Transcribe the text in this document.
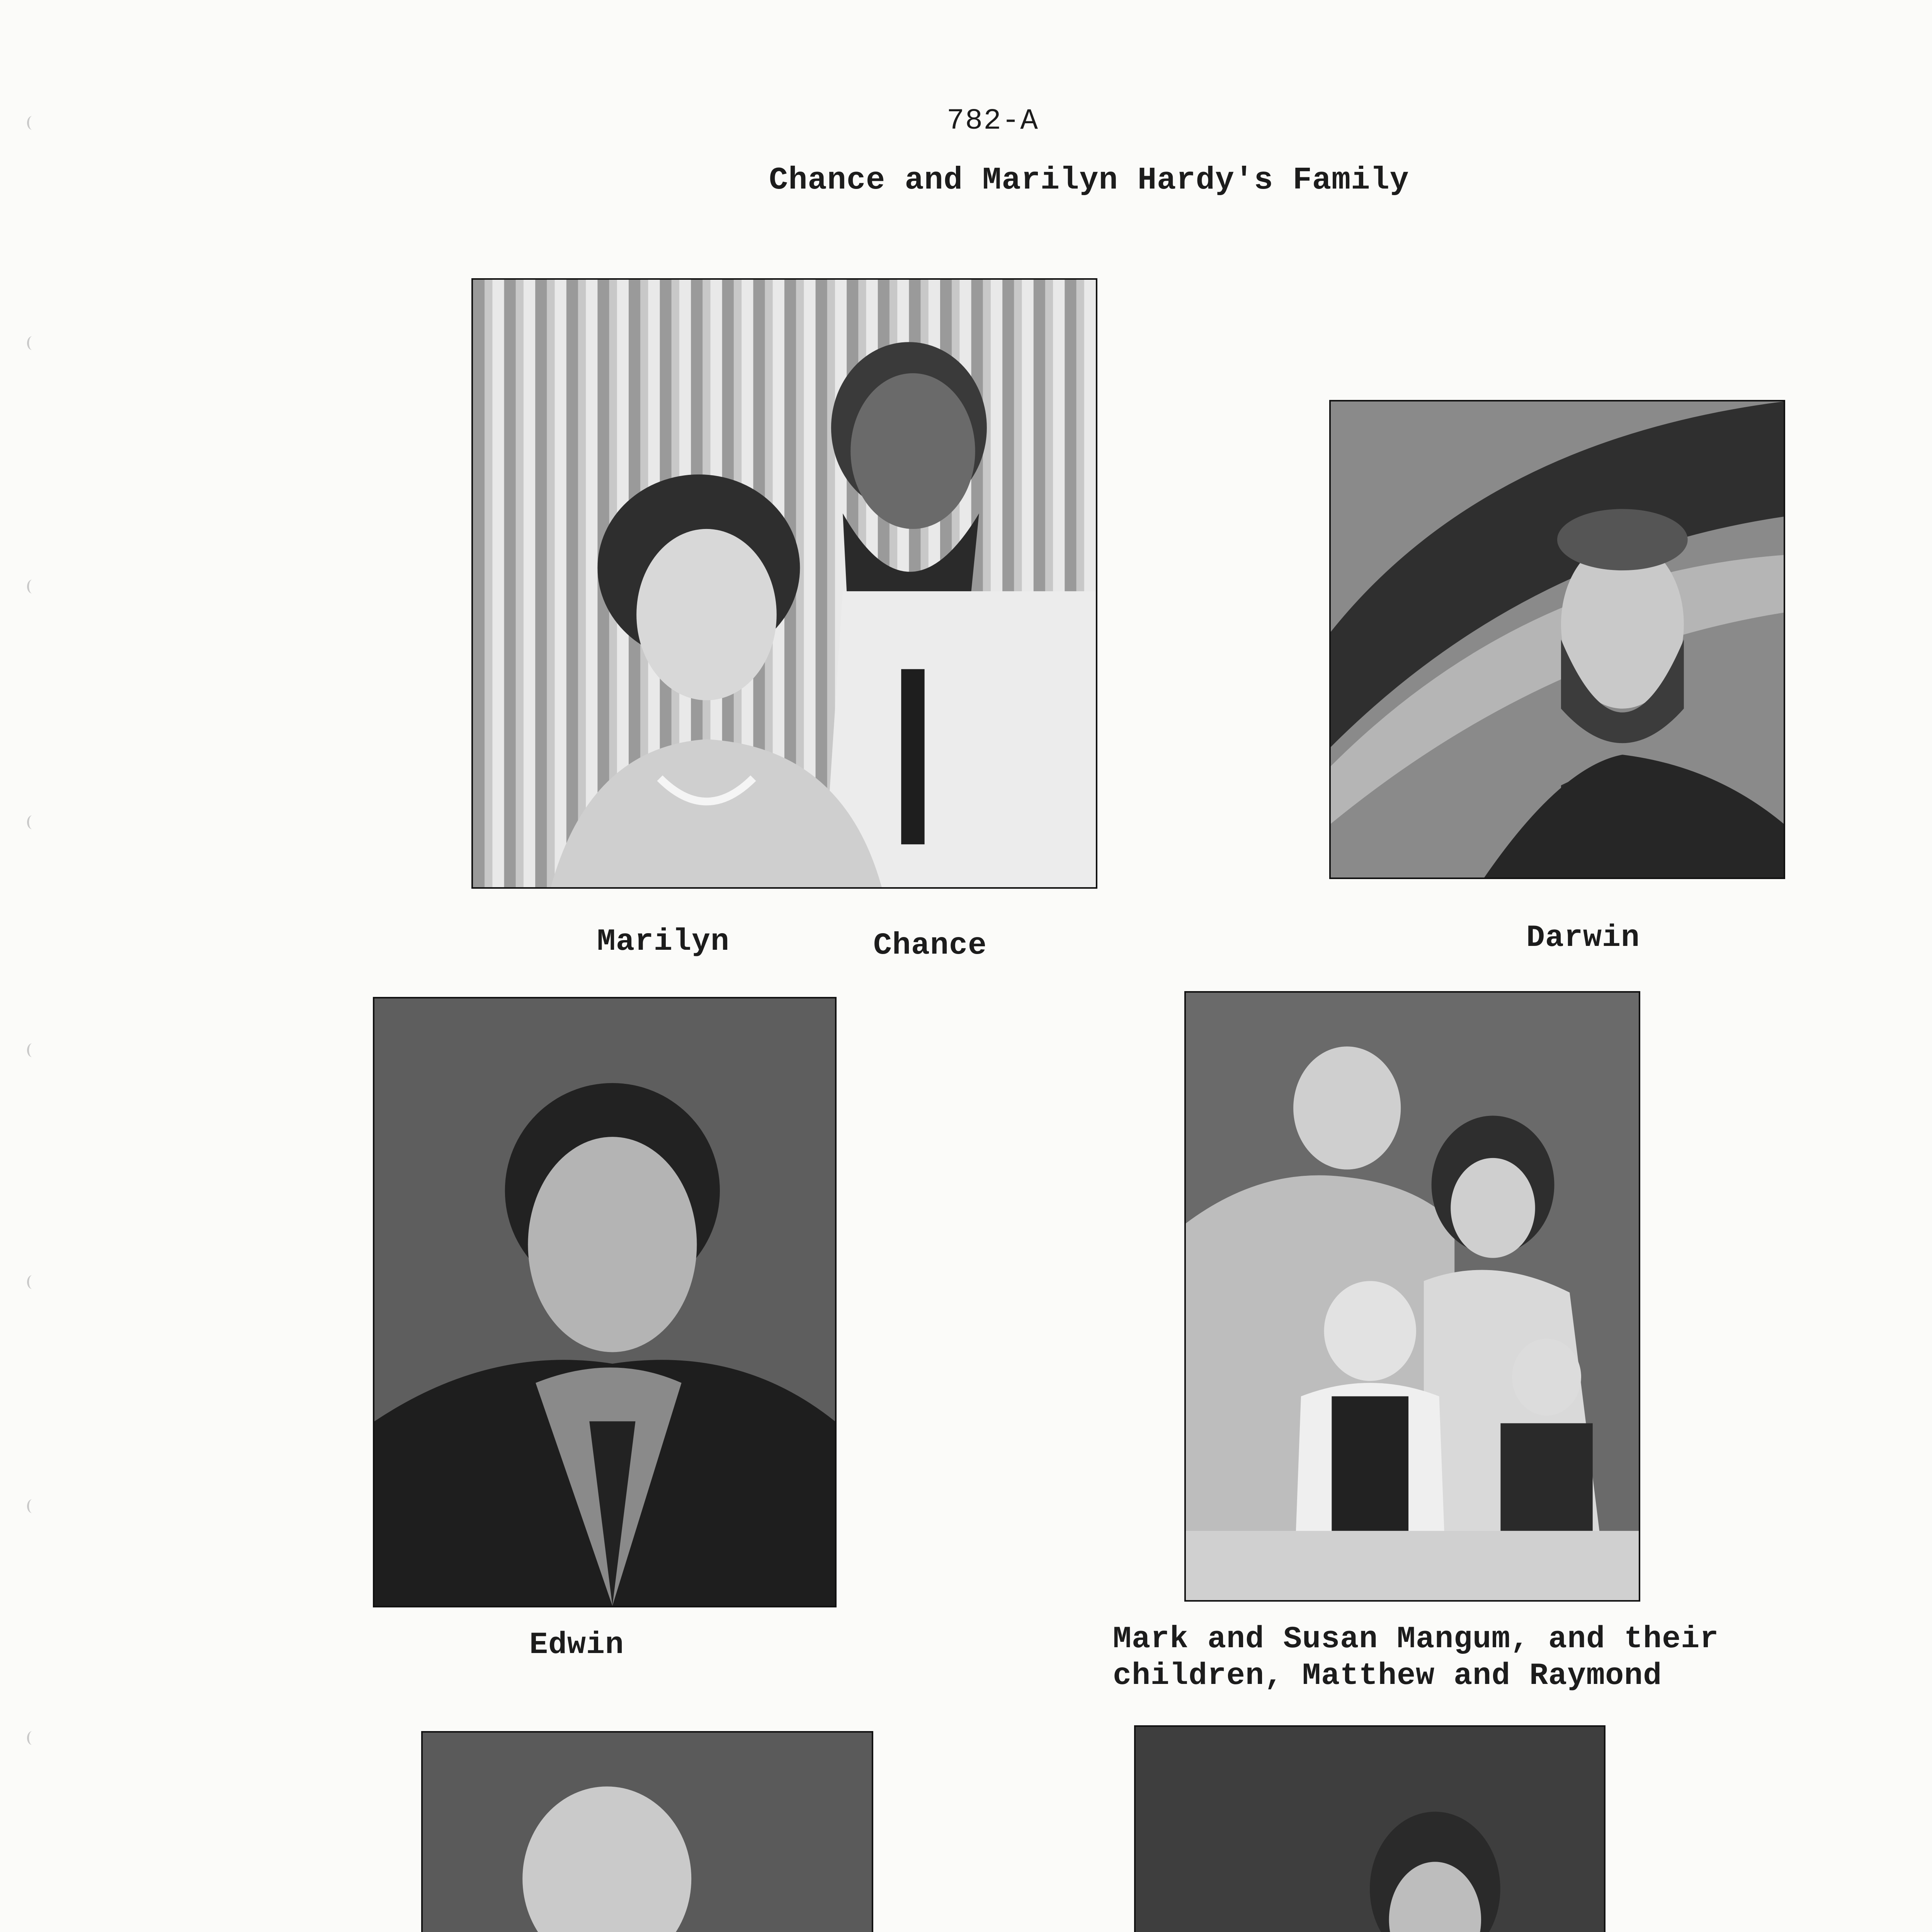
782-A
Chance and Marilyn Hardy's Family
Marilyn	Chance	Darwin
Edwin	Mark and Susan Mangum, and their
children, Matthew and Raymond
